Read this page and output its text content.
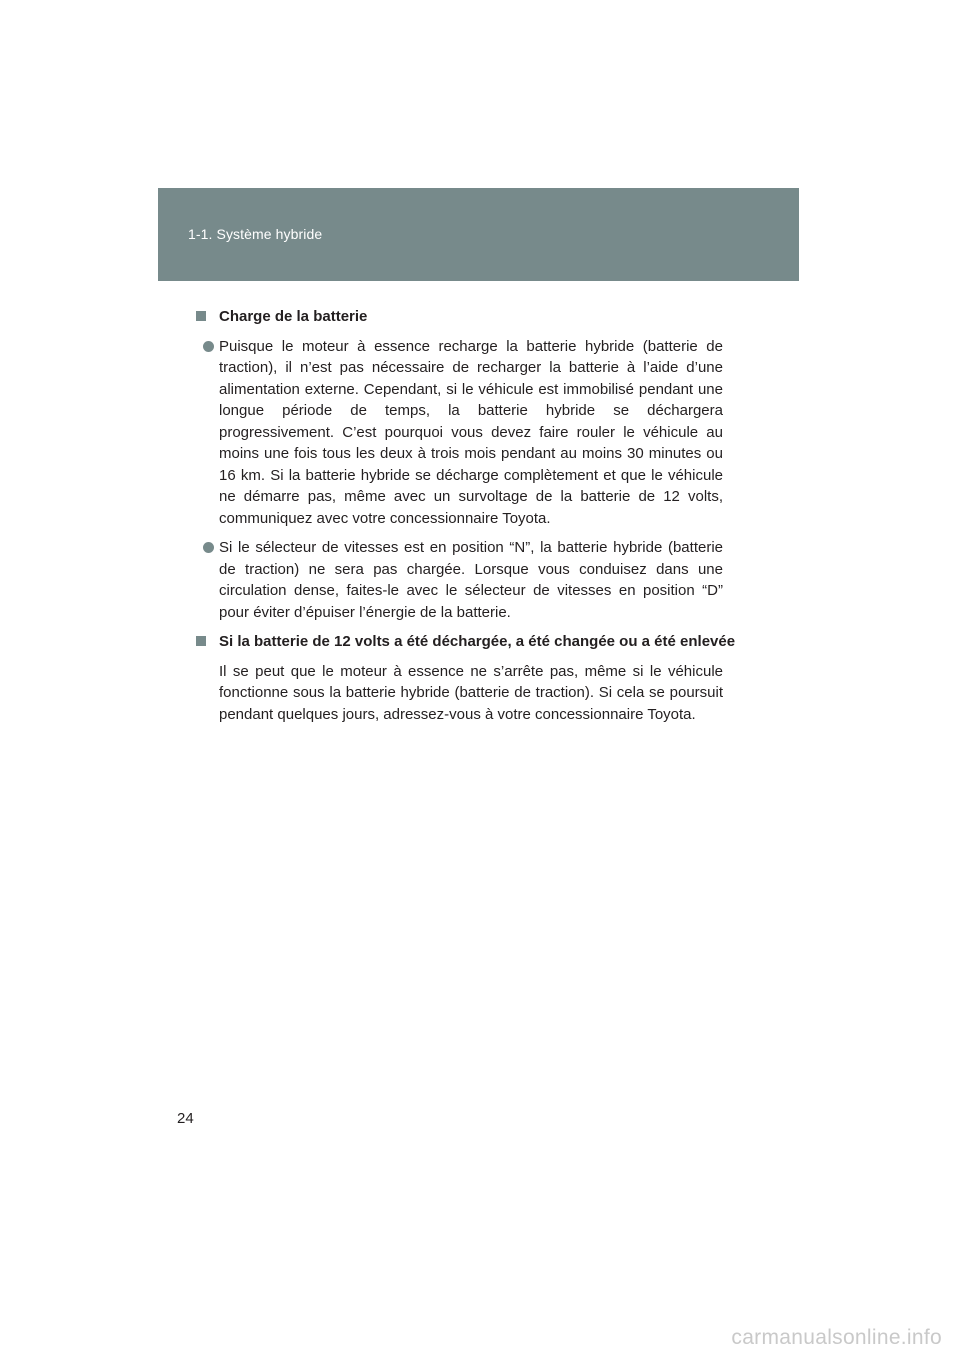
1-1. Système hybride
Charge de la batterie
Puisque le moteur à essence recharge la batterie hybride (batterie de traction), il n’est pas nécessaire de recharger la batterie à l’aide d’une alimentation externe. Cependant, si le véhicule est immobilisé pendant une longue période de temps, la batterie hybride se déchargera progressivement. C’est pourquoi vous devez faire rouler le véhicule au moins une fois tous les deux à trois mois pendant au moins 30 minutes ou 16 km. Si la batterie hybride se décharge complètement et que le véhicule ne démarre pas, même avec un survoltage de la batterie de 12 volts, communiquez avec votre concessionnaire Toyota.
Si le sélecteur de vitesses est en position “N”, la batterie hybride (batterie de traction) ne sera pas chargée. Lorsque vous conduisez dans une circulation dense, faites-le avec le sélecteur de vitesses en position “D” pour éviter d’épuiser l’énergie de la batterie.
Si la batterie de 12 volts a été déchargée, a été changée ou a été enlevée
Il se peut que le moteur à essence ne s’arrête pas, même si le véhicule fonctionne sous la batterie hybride (batterie de traction). Si cela se poursuit pendant quelques jours, adressez-vous à votre concessionnaire Toyota.
24
carmanualsonline.info
